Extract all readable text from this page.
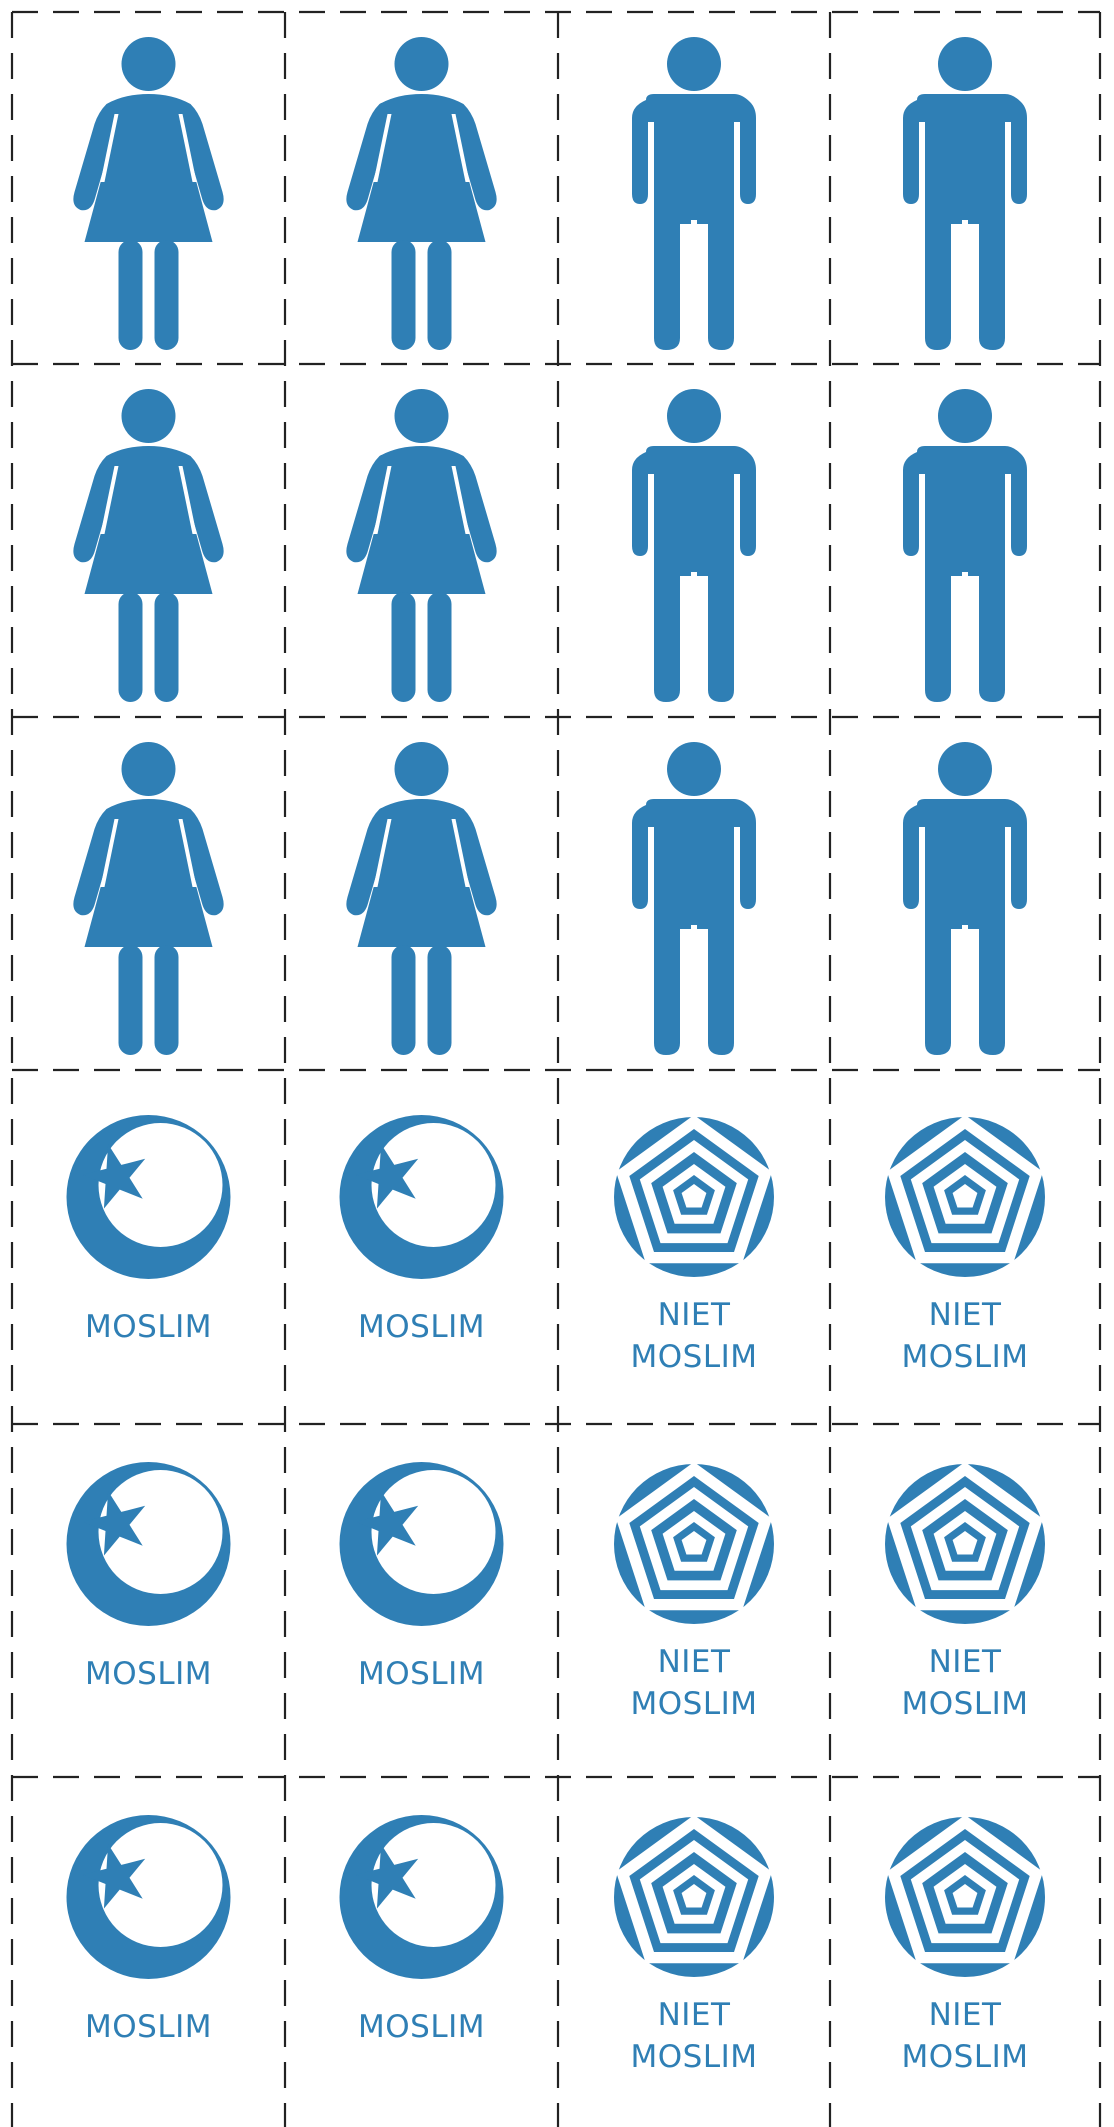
MOSLIM	MOSLIM	NIET
MOSLIM
NIET
MOSLIM
MOSLIM	MOSLIM	NIET
MOSLIM
NIET
MOSLIM
MOSLIM	MOSLIM	NIET
MOSLIM
NIET
MOSLIM
